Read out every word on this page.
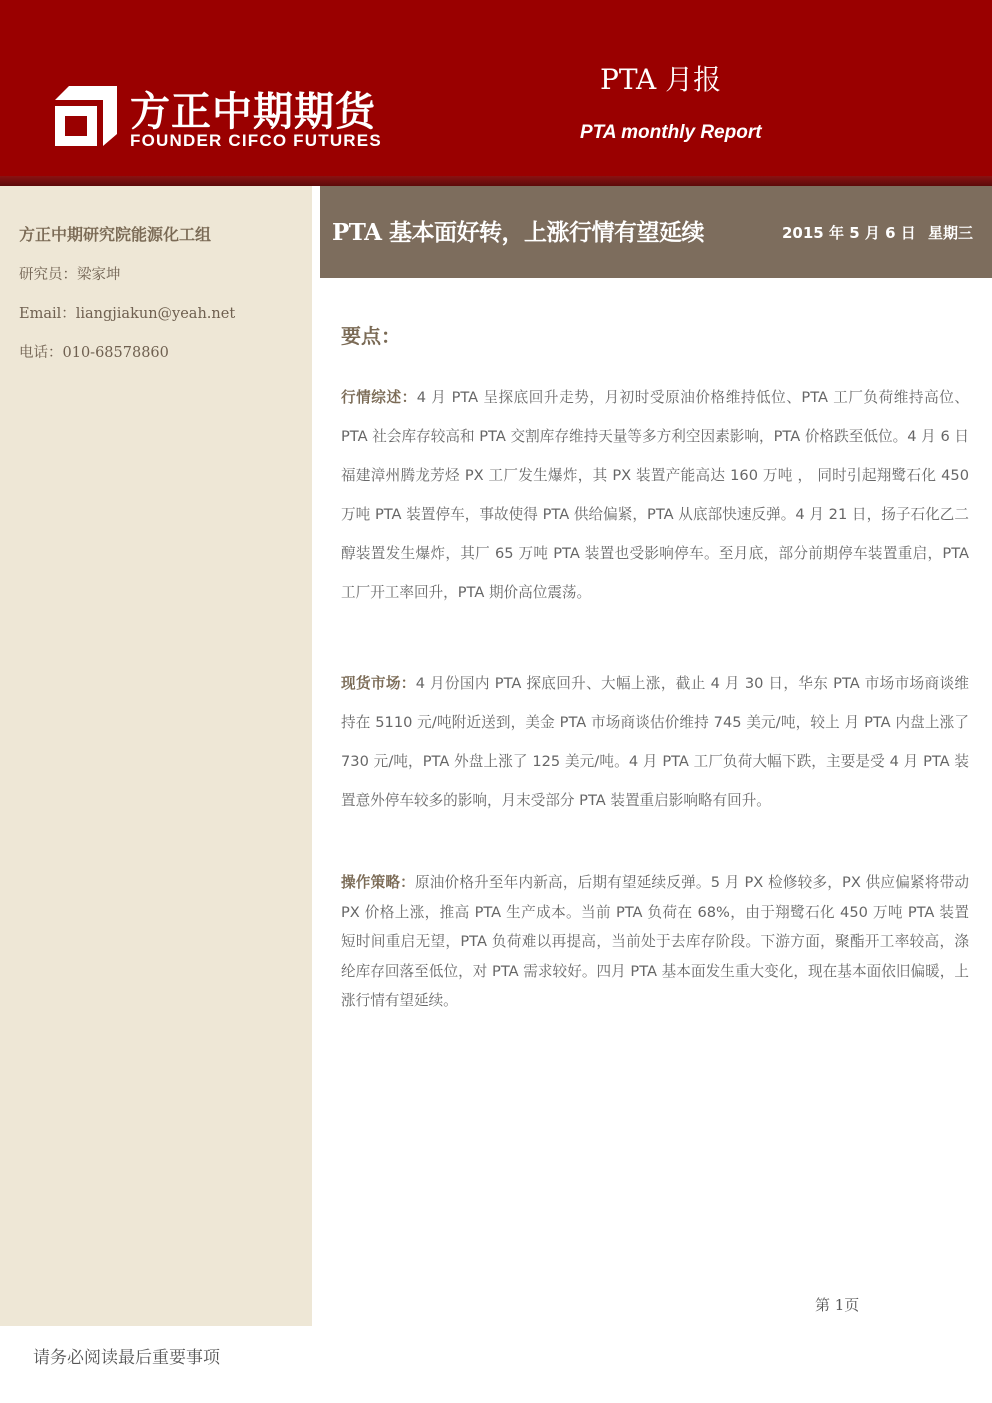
方正中期期货
FOUNDER CIFCO FUTURES
PTA 月报
PTA monthly Report
方正中期研究院能源化工组
研究员：梁家坤
Email：liangjiakun@yeah.net
电话：010-68578860
PTA 基本面好转，上涨行情有望延续	2015 年 5 月 6 日 星期三
要点：
行情综述：4 月 PTA 呈探底回升走势，月初时受原油价格维持低位、PTA 工厂负荷维持高位、PTA 社会库存较高和 PTA 交割库存维持天量等多方利空因素影响，PTA 价格跌至低位。4 月 6 日福建漳州腾龙芳烃 PX 工厂发生爆炸，其 PX 装置产能高达 160 万吨 ， 同时引起翔鹭石化 450 万吨 PTA 装置停车，事故使得 PTA 供给偏紧，PTA 从底部快速反弹。4 月 21 日，扬子石化乙二醇装置发生爆炸，其厂 65 万吨 PTA 装置也受影响停车。至月底，部分前期停车装置重启，PTA 工厂开工率回升，PTA 期价高位震荡。
现货市场：4 月份国内 PTA 探底回升、大幅上涨，截止 4 月 30 日，华东 PTA 市场市场商谈维持在 5110 元/吨附近送到，美金 PTA 市场商谈估价维持 745 美元/吨，较上 月 PTA 内盘上涨了 730 元/吨，PTA 外盘上涨了 125 美元/吨。4 月 PTA 工厂负荷大幅下跌，主要是受 4 月 PTA 装置意外停车较多的影响，月末受部分 PTA 装置重启影响略有回升。
操作策略：原油价格升至年内新高，后期有望延续反弹。5 月 PX 检修较多，PX 供应偏紧将带动 PX 价格上涨，推高 PTA 生产成本。当前 PTA 负荷在 68%，由于翔鹭石化 450 万吨 PTA 装置短时间重启无望，PTA 负荷难以再提高，当前处于去库存阶段。下游方面，聚酯开工率较高，涤纶库存回落至低位，对 PTA 需求较好。四月 PTA 基本面发生重大变化，现在基本面依旧偏暖，上涨行情有望延续。
第 1页
请务必阅读最后重要事项
